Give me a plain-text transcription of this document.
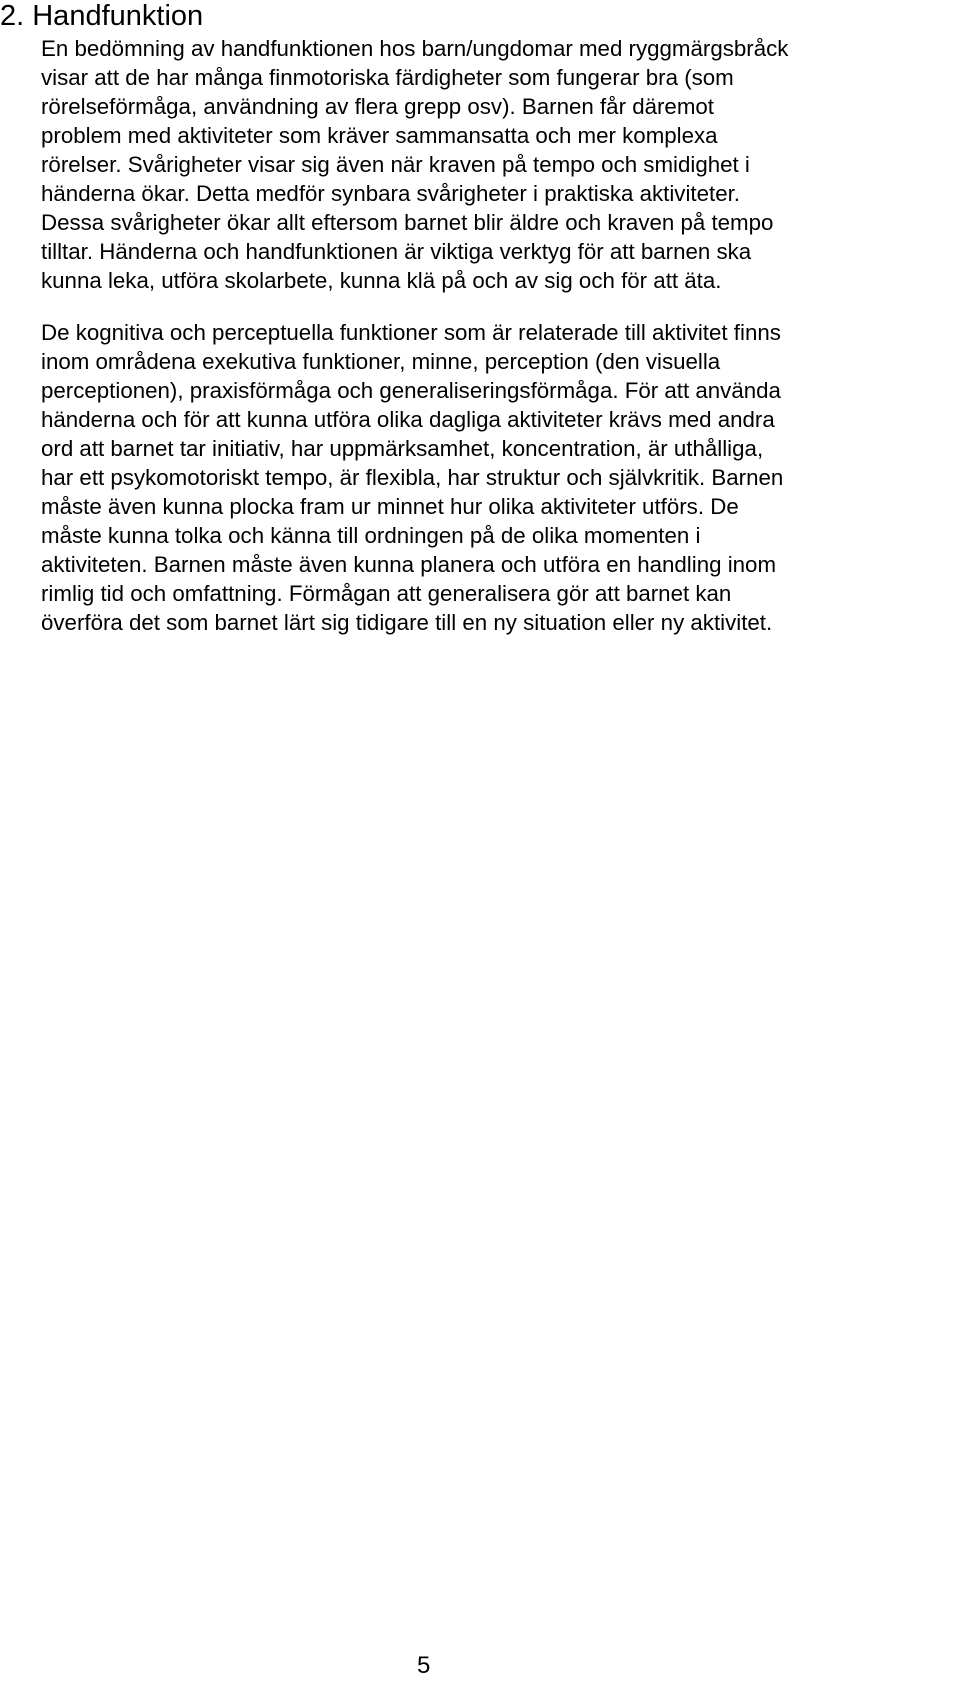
2. Handfunktion

En bedömning av handfunktionen hos barn/ungdomar med ryggmärgsbråck
visar att de har många finmotoriska färdigheter som fungerar bra (som
rörelseförmåga, användning av flera grepp osv). Barnen får däremot
problem med aktiviteter som kräver sammansatta och mer komplexa
rörelser. Svårigheter visar sig även när kraven på tempo och smidighet i
händerna ökar. Detta medför synbara svårigheter i praktiska aktiviteter.
Dessa svårigheter ökar allt eftersom barnet blir äldre och kraven på tempo
tilltar. Händerna och handfunktionen är viktiga verktyg för att barnen ska
kunna leka, utföra skolarbete, kunna klä på och av sig och för att äta.

De kognitiva och perceptuella funktioner som är relaterade till aktivitet finns
inom områdena exekutiva funktioner, minne, perception (den visuella
perceptionen), praxisförmåga och generaliseringsförmåga. För att använda
händerna och för att kunna utföra olika dagliga aktiviteter krävs med andra
ord att barnet tar initiativ, har uppmärksamhet, koncentration, är uthålliga,
har ett psykomotoriskt tempo, är flexibla, har struktur och självkritik. Barnen
måste även kunna plocka fram ur minnet hur olika aktiviteter utförs. De
måste kunna tolka och känna till ordningen på de olika momenten i
aktiviteten. Barnen måste även kunna planera och utföra en handling inom
rimlig tid och omfattning. Förmågan att generalisera gör att barnet kan
överföra det som barnet lärt sig tidigare till en ny situation eller ny aktivitet.

5
